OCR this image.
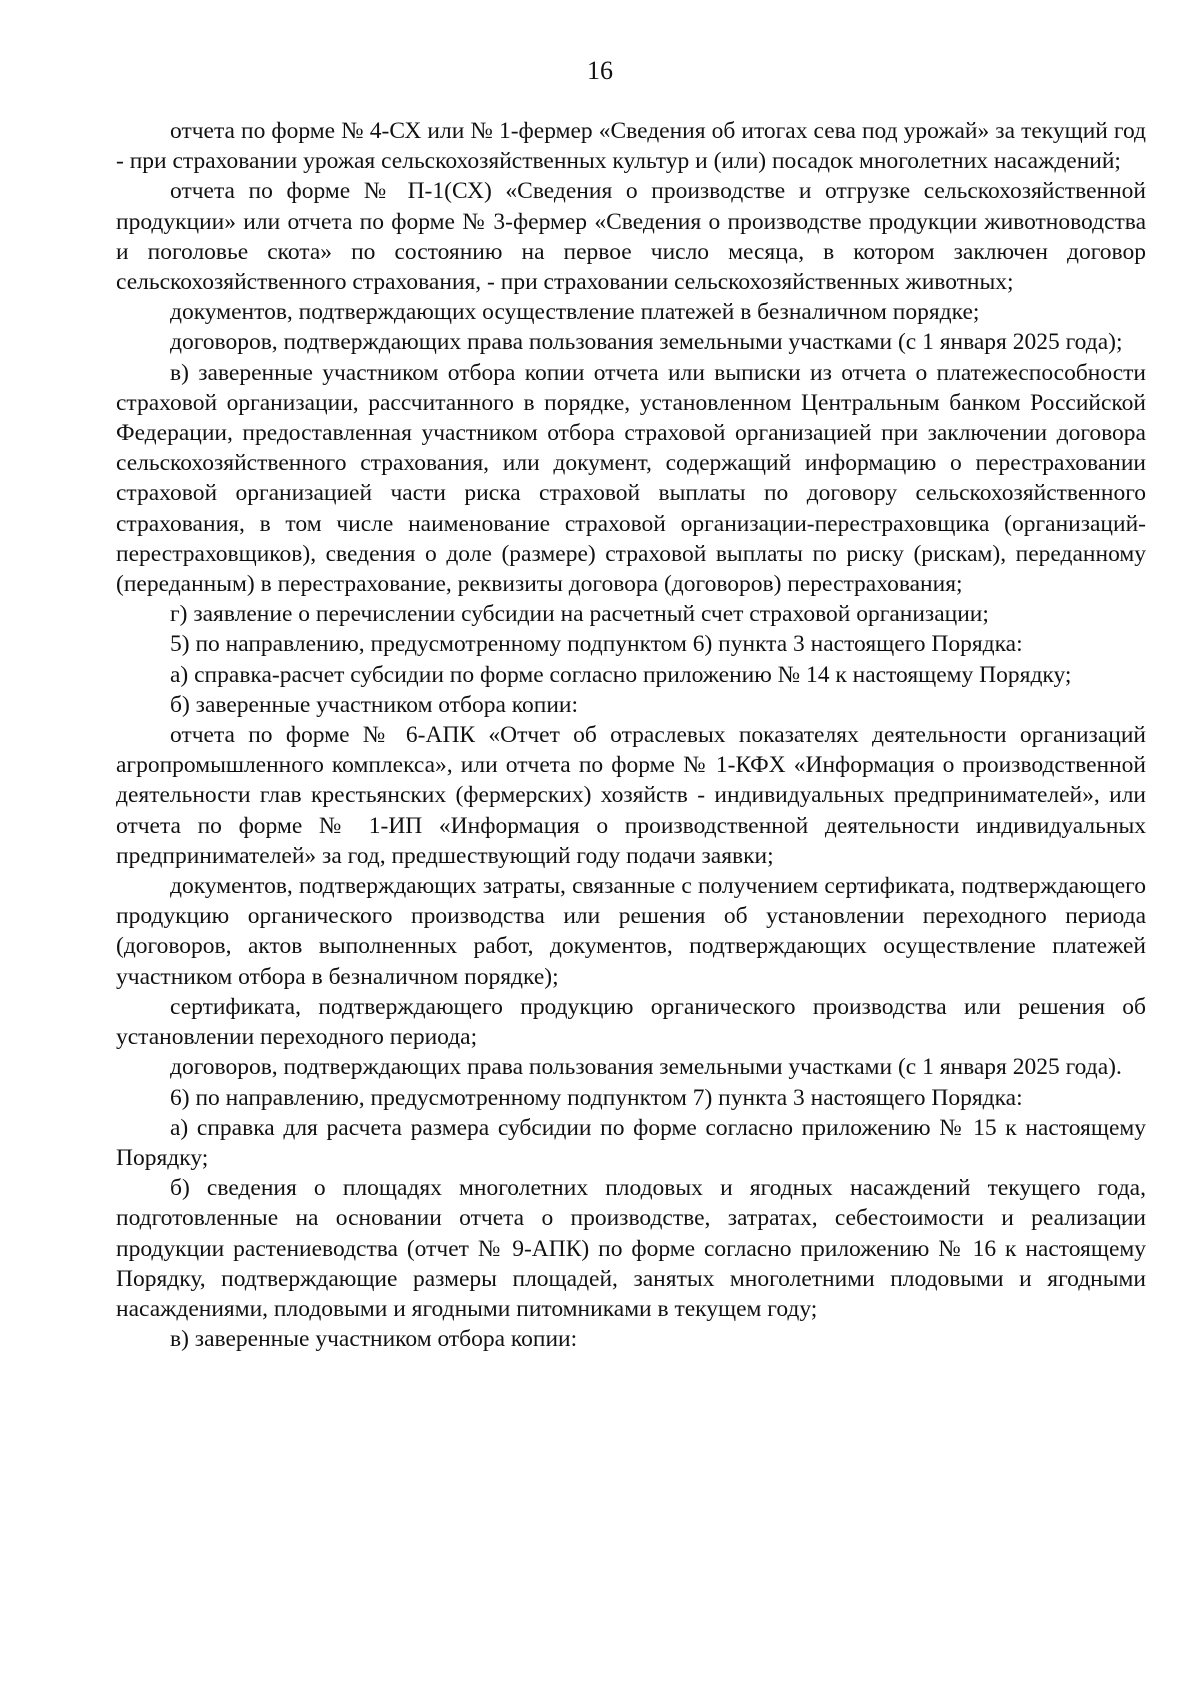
16

отчета по форме № 4-СХ или № 1-фермер «Сведения об итогах сева под урожай» за текущий год - при страховании урожая сельскохозяйственных культур и (или) посадок многолетних насаждений;

отчета по форме № П-1(СХ) «Сведения о производстве и отгрузке сельскохозяйственной продукции» или отчета по форме № 3-фермер «Сведения о производстве продукции животноводства и поголовье скота» по состоянию на первое число месяца, в котором заключен договор сельскохозяйственного страхования, - при страховании сельскохозяйственных животных;

документов, подтверждающих осуществление платежей в безналичном порядке;

договоров, подтверждающих права пользования земельными участками (с 1 января 2025 года);

в) заверенные участником отбора копии отчета или выписки из отчета о платежеспособности страховой организации, рассчитанного в порядке, установленном Центральным банком Российской Федерации, предоставленная участником отбора страховой организацией при заключении договора сельскохозяйственного страхования, или документ, содержащий информацию о перестраховании страховой организацией части риска страховой выплаты по договору сельскохозяйственного страхования, в том числе наименование страховой организации-перестраховщика (организаций-перестраховщиков), сведения о доле (размере) страховой выплаты по риску (рискам), переданному (переданным) в перестрахование, реквизиты договора (договоров) перестрахования;

г) заявление о перечислении субсидии на расчетный счет страховой организации;

5) по направлению, предусмотренному подпунктом 6) пункта 3 настоящего Порядка:

а) справка-расчет субсидии по форме согласно приложению № 14 к настоящему Порядку;

б) заверенные участником отбора копии:

отчета по форме № 6-АПК «Отчет об отраслевых показателях деятельности организаций агропромышленного комплекса», или отчета по форме № 1-КФХ «Информация о производственной деятельности глав крестьянских (фермерских) хозяйств - индивидуальных предпринимателей», или отчета по форме № 1-ИП «Информация о производственной деятельности индивидуальных предпринимателей» за год, предшествующий году подачи заявки;

документов, подтверждающих затраты, связанные с получением сертификата, подтверждающего продукцию органического производства или решения об установлении переходного периода (договоров, актов выполненных работ, документов, подтверждающих осуществление платежей участником отбора в безналичном порядке);

сертификата, подтверждающего продукцию органического производства или решения об установлении переходного периода;

договоров, подтверждающих права пользования земельными участками (с 1 января 2025 года).

6) по направлению, предусмотренному подпунктом 7) пункта 3 настоящего Порядка:

а) справка для расчета размера субсидии по форме согласно приложению № 15 к настоящему Порядку;

б) сведения о площадях многолетних плодовых и ягодных насаждений текущего года, подготовленные на основании отчета о производстве, затратах, себестоимости и реализации продукции растениеводства (отчет № 9-АПК) по форме согласно приложению № 16 к настоящему Порядку, подтверждающие размеры площадей, занятых многолетними плодовыми и ягодными насаждениями, плодовыми и ягодными питомниками в текущем году;

в) заверенные участником отбора копии:
